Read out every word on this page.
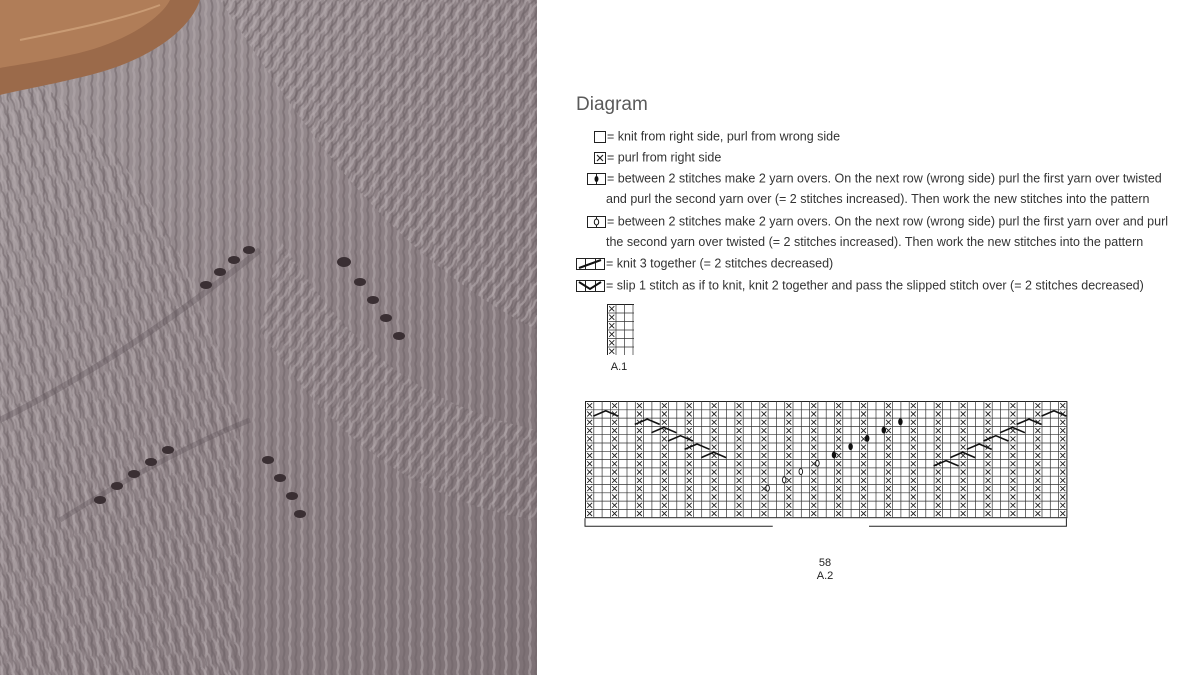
Diagram
= knit from right side, purl from wrong side
= purl from right side
= between 2 stitches make 2 yarn overs. On the next row (wrong side) purl the first yarn over twisted
and purl the second yarn over (= 2 stitches increased). Then work the new stitches into the pattern
= between 2 stitches make 2 yarn overs. On the next row (wrong side) purl the first yarn over and purl
the second yarn over twisted (= 2 stitches increased). Then work the new stitches into the pattern
= knit 3 together (= 2 stitches decreased)
= slip 1 stitch as if to knit, knit 2 together and pass the slipped stitch over (= 2 stitches decreased)
A.1
58
A.2
